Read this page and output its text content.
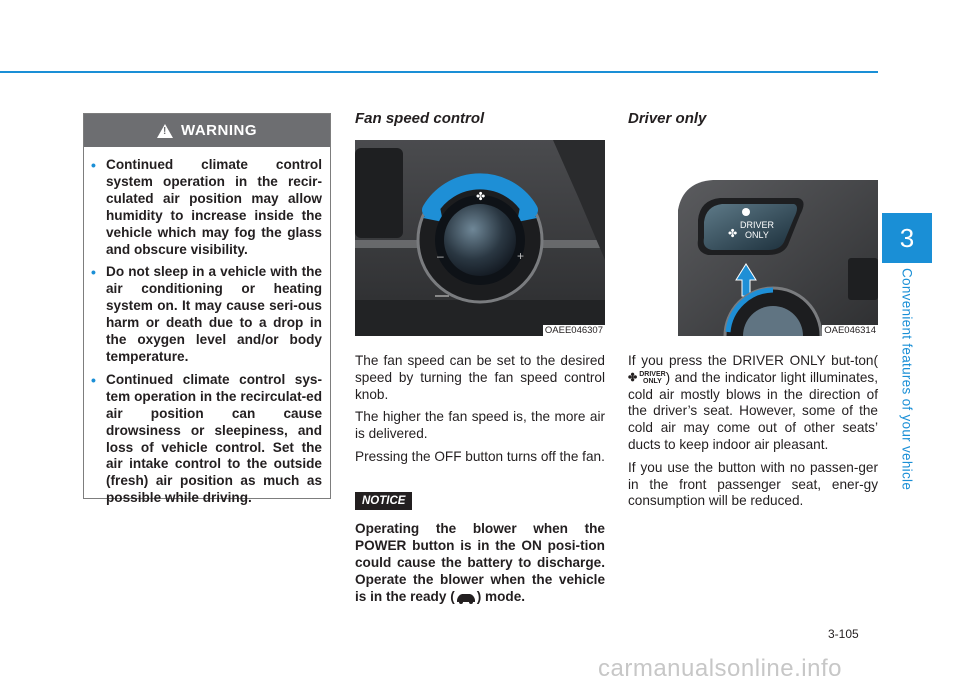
3
Convenient features of your vehicle
!
WARNING
• Continued climate control system operation in the recir-culated air position may allow humidity to increase inside the vehicle which may fog the glass and obscure visibility.
• Do not sleep in a vehicle with the air conditioning or heating system on. It may cause seri-ous harm or death due to a drop in the oxygen level and/or body temperature.
• Continued climate control sys-tem operation in the recirculat-ed air position can cause drowsiness or sleepiness, and loss of vehicle control. Set the air intake control to the outside (fresh) air position as much as possible while driving.
Fan speed control
✤
–	+
OAEE046307

The fan speed can be set to the desired speed by turning the fan speed control knob.

The higher the fan speed is, the more air is delivered.

Pressing the OFF button turns off the fan.

NOTICE
Operating the blower when the POWER button is in the ON posi-tion could cause the battery to discharge. Operate the blower when the vehicle is in the ready ( ) mode.
Driver only
DRIVER
ONLY
✤
OAE046314

If you press the DRIVER ONLY but-ton(✤ DRIVER
ONLY ) and the indicator light illuminates, cold air mostly blows in the direction of the driver’s seat. However, some of the cold air may come out of other seats’ ducts to keep indoor air pleasant.

If you use the button with no passen-ger in the front passenger seat, ener-gy consumption will be reduced.

3-105
carmanualsonline.info
